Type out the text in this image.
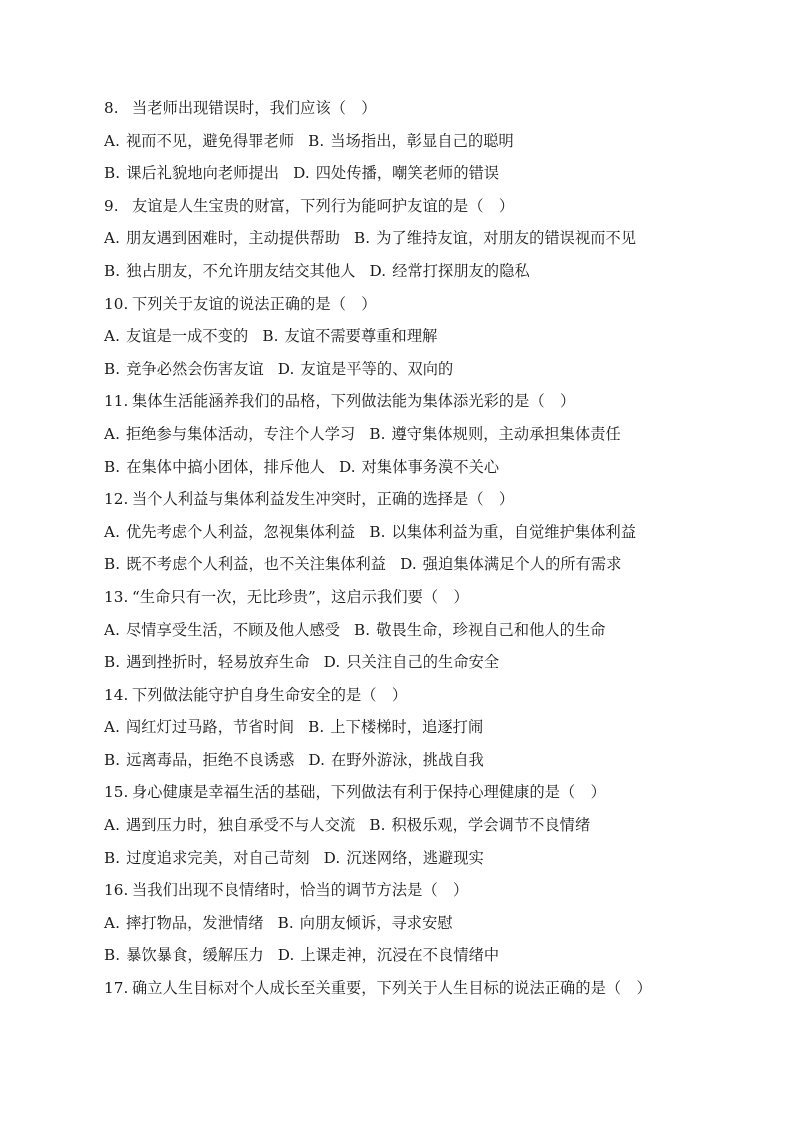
8. 当老师出现错误时，我们应该（　）
A. 视而不见，避免得罪老师 B. 当场指出，彰显自己的聪明
B. 课后礼貌地向老师提出 D. 四处传播，嘲笑老师的错误
9. 友谊是人生宝贵的财富，下列行为能呵护友谊的是（　）
A. 朋友遇到困难时，主动提供帮助 B. 为了维持友谊，对朋友的错误视而不见
B. 独占朋友，不允许朋友结交其他人 D. 经常打探朋友的隐私
10. 下列关于友谊的说法正确的是（　）
A. 友谊是一成不变的 B. 友谊不需要尊重和理解
B. 竞争必然会伤害友谊 D. 友谊是平等的、双向的
11. 集体生活能涵养我们的品格，下列做法能为集体添光彩的是（　）
A. 拒绝参与集体活动，专注个人学习 B. 遵守集体规则，主动承担集体责任
B. 在集体中搞小团体，排斥他人 D. 对集体事务漠不关心
12. 当个人利益与集体利益发生冲突时，正确的选择是（　）
A. 优先考虑个人利益，忽视集体利益 B. 以集体利益为重，自觉维护集体利益
B. 既不考虑个人利益，也不关注集体利益 D. 强迫集体满足个人的所有需求
13. “生命只有一次，无比珍贵”，这启示我们要（　）
A. 尽情享受生活，不顾及他人感受 B. 敬畏生命，珍视自己和他人的生命
B. 遇到挫折时，轻易放弃生命 D. 只关注自己的生命安全
14. 下列做法能守护自身生命安全的是（　）
A. 闯红灯过马路，节省时间 B. 上下楼梯时，追逐打闹
B. 远离毒品，拒绝不良诱惑 D. 在野外游泳，挑战自我
15. 身心健康是幸福生活的基础，下列做法有利于保持心理健康的是（　）
A. 遇到压力时，独自承受不与人交流 B. 积极乐观，学会调节不良情绪
B. 过度追求完美，对自己苛刻 D. 沉迷网络，逃避现实
16. 当我们出现不良情绪时，恰当的调节方法是（　）
A. 摔打物品，发泄情绪 B. 向朋友倾诉，寻求安慰
B. 暴饮暴食，缓解压力 D. 上课走神，沉浸在不良情绪中
17. 确立人生目标对个人成长至关重要，下列关于人生目标的说法正确的是（　）
